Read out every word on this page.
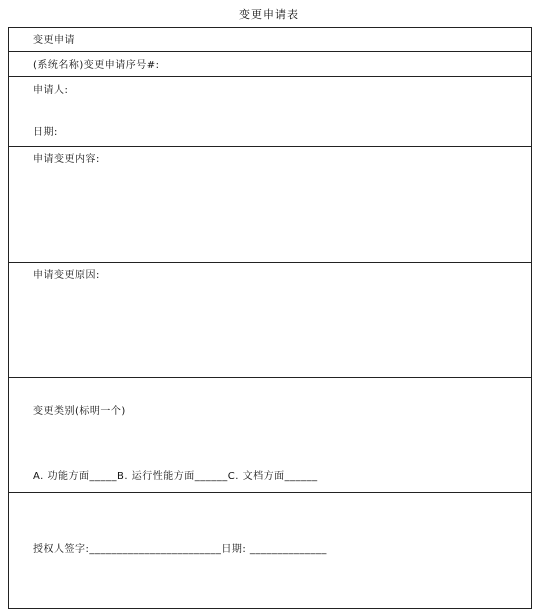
变更申请表
变更申请
(系统名称)变更申请序号#:
申请人:
日期:
申请变更内容:
申请变更原因:
变更类别(标明一个)
A. 功能方面_____B. 运行性能方面______C. 文档方面______
授权人签字:________________________日期: ______________
